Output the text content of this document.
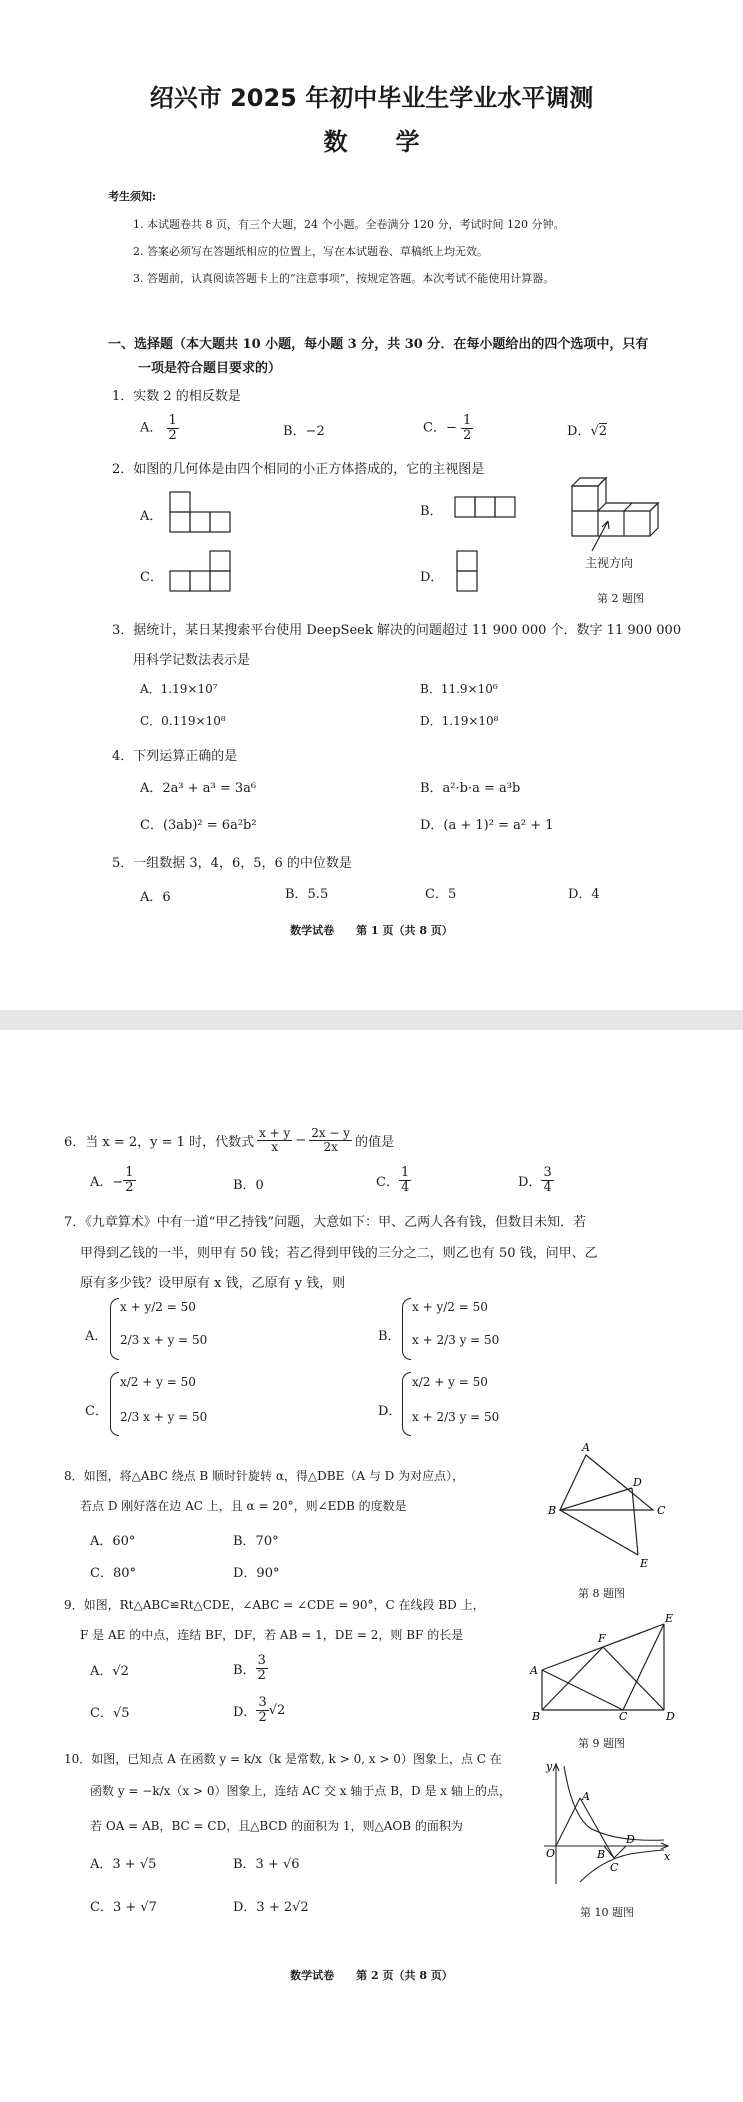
绍兴市 2025 年初中毕业生学业水平调测
数　　学
考生须知:
1. 本试题卷共 8 页，有三个大题，24 个小题。全卷满分 120 分，考试时间 120 分钟。
2. 答案必须写在答题纸相应的位置上，写在本试题卷、草稿纸上均无效。
3. 答题前，认真阅读答题卡上的“注意事项”，按规定答题。本次考试不能使用计算器。
一、选择题（本大题共 10 小题，每小题 3 分，共 30 分．在每小题给出的四个选项中，只有
一项是符合题目要求的）
1．实数 2 的相反数是
A． $\frac{1}{2}$	B．−2	C．− $\frac{1}{2}$	D．√2
2．如图的几何体是由四个相同的小正方体搭成的，它的主视图是
A．	B．
C．	D．
主视方向
第 2 题图
3．据统计，某日某搜索平台使用 DeepSeek 解决的问题超过 11 900 000 个．数字 11 900 000
用科学记数法表示是
A．1.19×10⁷	B．11.9×10⁶
C．0.119×10⁸	D．1.19×10⁸
4．下列运算正确的是
A．2a³ + a³ = 3a⁶	B．a²·b·a = a³b
C．(3ab)² = 6a²b²	D．(a + 1)² = a² + 1
5．一组数据 3，4，6，5，6 的中位数是
A．6	B．5.5	C．5	D．4
数学试卷　　第 1 页（共 8 页）
6．当 x = 2，y = 1 时，代数式 $\frac{x + y}{x} - \frac{2x - y}{2x}$ 的值是
A．− $\frac{1}{2}$	B．0	C． $\frac{1}{4}$	D． $\frac{3}{4}$
7．《九章算术》中有一道“甲乙持钱”问题，大意如下：甲、乙两人各有钱，但数目未知．若
甲得到乙钱的一半，则甲有 50 钱；若乙得到甲钱的三分之二，则乙也有 50 钱，问甲、乙
原有多少钱？设甲原有 x 钱，乙原有 y 钱，则
A．
x + y/2 = 50
2/3 x + y = 50	B．
x + y/2 = 50
x + 2/3 y = 50
C．
x/2 + y = 50
2/3 x + y = 50	D．
x/2 + y = 50
x + 2/3 y = 50
8．如图，将△ABC 绕点 B 顺时针旋转 α，得△DBE（A 与 D 为对应点），
若点 D 刚好落在边 AC 上，且 α = 20°，则∠EDB 的度数是
A．60°	B．70°
C．80°	D．90°
A
B	C
D
E
第 8 题图
9．如图，Rt△ABC≌Rt△CDE，∠ABC = ∠CDE = 90°，C 在线段 BD 上，
F 是 AE 的中点，连结 BF，DF，若 AB = 1，DE = 2，则 BF 的长是
A．√2	B． $\frac{3}{2}$
C．√5	D． $\frac{3}{2} √2$
A
B	C	D
E
F
第 9 题图
10．如图，已知点 A 在函数 y = k/x（k 是常数, k > 0, x > 0）图象上，点 C 在
函数 y = −k/x（x > 0）图象上，连结 AC 交 x 轴于点 B，D 是 x 轴上的点，
若 OA = AB，BC = CD，且△BCD 的面积为 1，则△AOB 的面积为
A．3 + √5	B．3 + √6
C．3 + √7	D．3 + 2√2
y
x
O
A
B
C
D
第 10 题图
数学试卷　　第 2 页（共 8 页）
